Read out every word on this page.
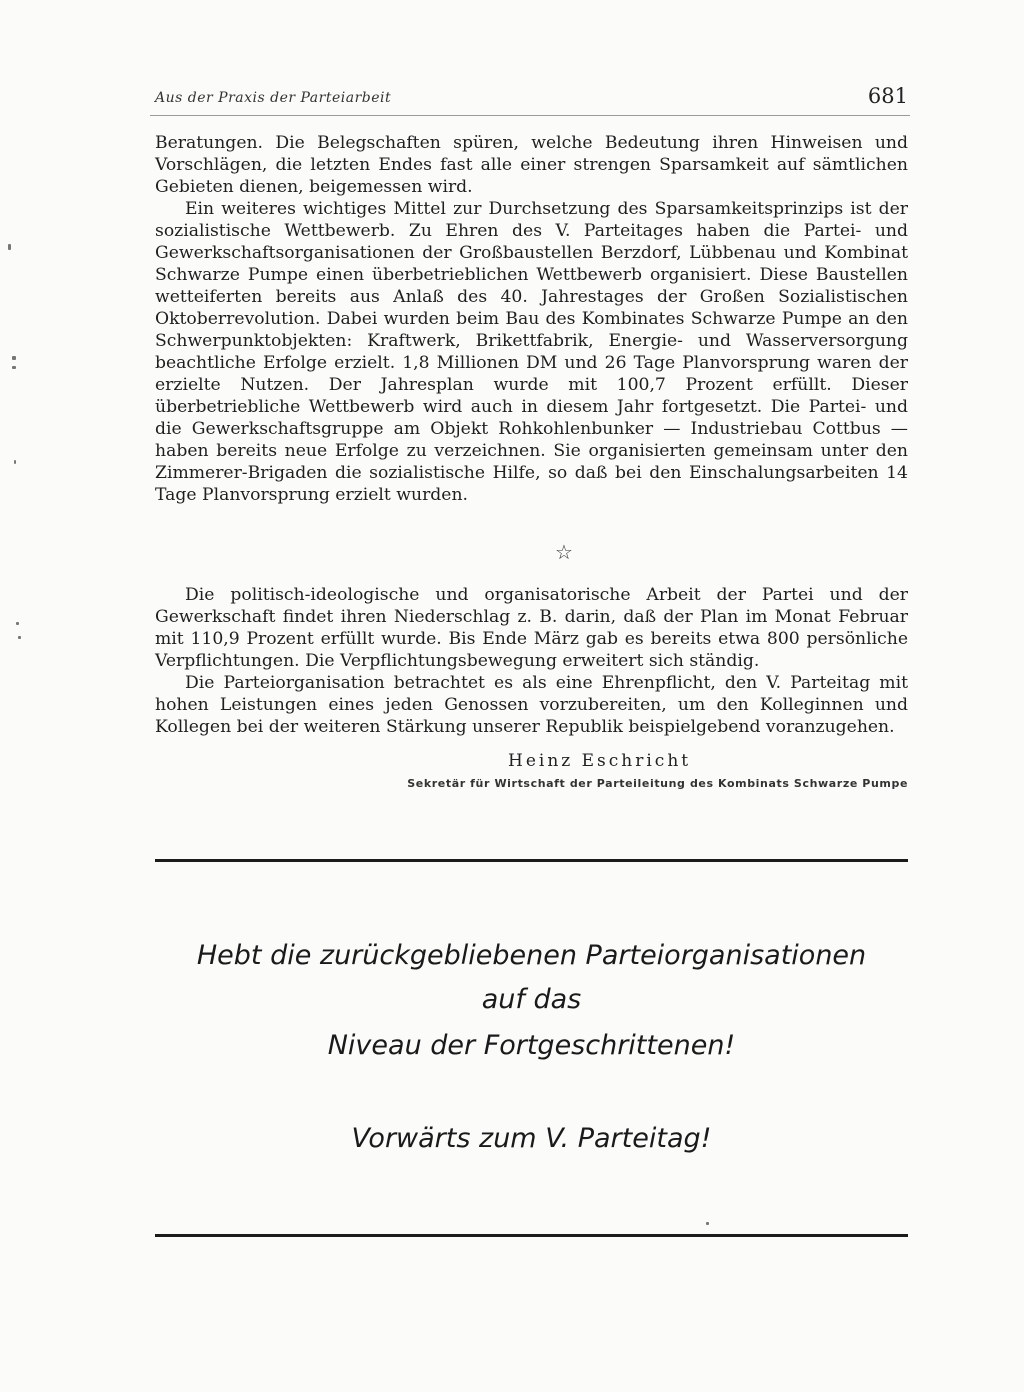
Aus der Praxis der Parteiarbeit	681

Beratungen. Die Belegschaften spüren, welche Bedeutung ihren Hinweisen und Vorschlägen, die letzten Endes fast alle einer strengen Sparsamkeit auf sämtlichen Gebieten dienen, beigemessen wird.

Ein weiteres wichtiges Mittel zur Durchsetzung des Sparsamkeitsprinzips ist der sozialistische Wettbewerb. Zu Ehren des V. Parteitages haben die Partei- und Gewerkschaftsorganisationen der Großbaustellen Berzdorf, Lübbenau und Kombinat Schwarze Pumpe einen überbetrieblichen Wettbewerb organisiert. Diese Baustellen wetteiferten bereits aus Anlaß des 40. Jahrestages der Großen Sozialistischen Oktoberrevolution. Dabei wurden beim Bau des Kombinates Schwarze Pumpe an den Schwerpunktobjekten: Kraftwerk, Brikettfabrik, Energie- und Wasserversorgung beachtliche Erfolge erzielt. 1,8 Millionen DM und 26 Tage Planvorsprung waren der erzielte Nutzen. Der Jahresplan wurde mit 100,7 Prozent erfüllt. Dieser überbetriebliche Wettbewerb wird auch in diesem Jahr fortgesetzt. Die Partei- und die Gewerkschaftsgruppe am Objekt Rohkohlenbunker — Industriebau Cottbus — haben bereits neue Erfolge zu verzeichnen. Sie organisierten gemeinsam unter den Zimmerer-Brigaden die sozialistische Hilfe, so daß bei den Einschalungsarbeiten 14 Tage Planvorsprung erzielt wurden.

☆

Die politisch-ideologische und organisatorische Arbeit der Partei und der Gewerkschaft findet ihren Niederschlag z. B. darin, daß der Plan im Monat Februar mit 110,9 Prozent erfüllt wurde. Bis Ende März gab es bereits etwa 800 persönliche Verpflichtungen. Die Verpflichtungsbewegung erweitert sich ständig.

Die Parteiorganisation betrachtet es als eine Ehrenpflicht, den V. Parteitag mit hohen Leistungen eines jeden Genossen vorzubereiten, um den Kolleginnen und Kollegen bei der weiteren Stärkung unserer Republik beispielgebend voranzugehen.

Heinz Eschricht
Sekretär für Wirtschaft der Parteileitung des Kombinats Schwarze Pumpe
Hebt die zurückgebliebenen Parteiorganisationen
auf das
Niveau der Fortgeschrittenen!
Vorwärts zum V. Parteitag!
